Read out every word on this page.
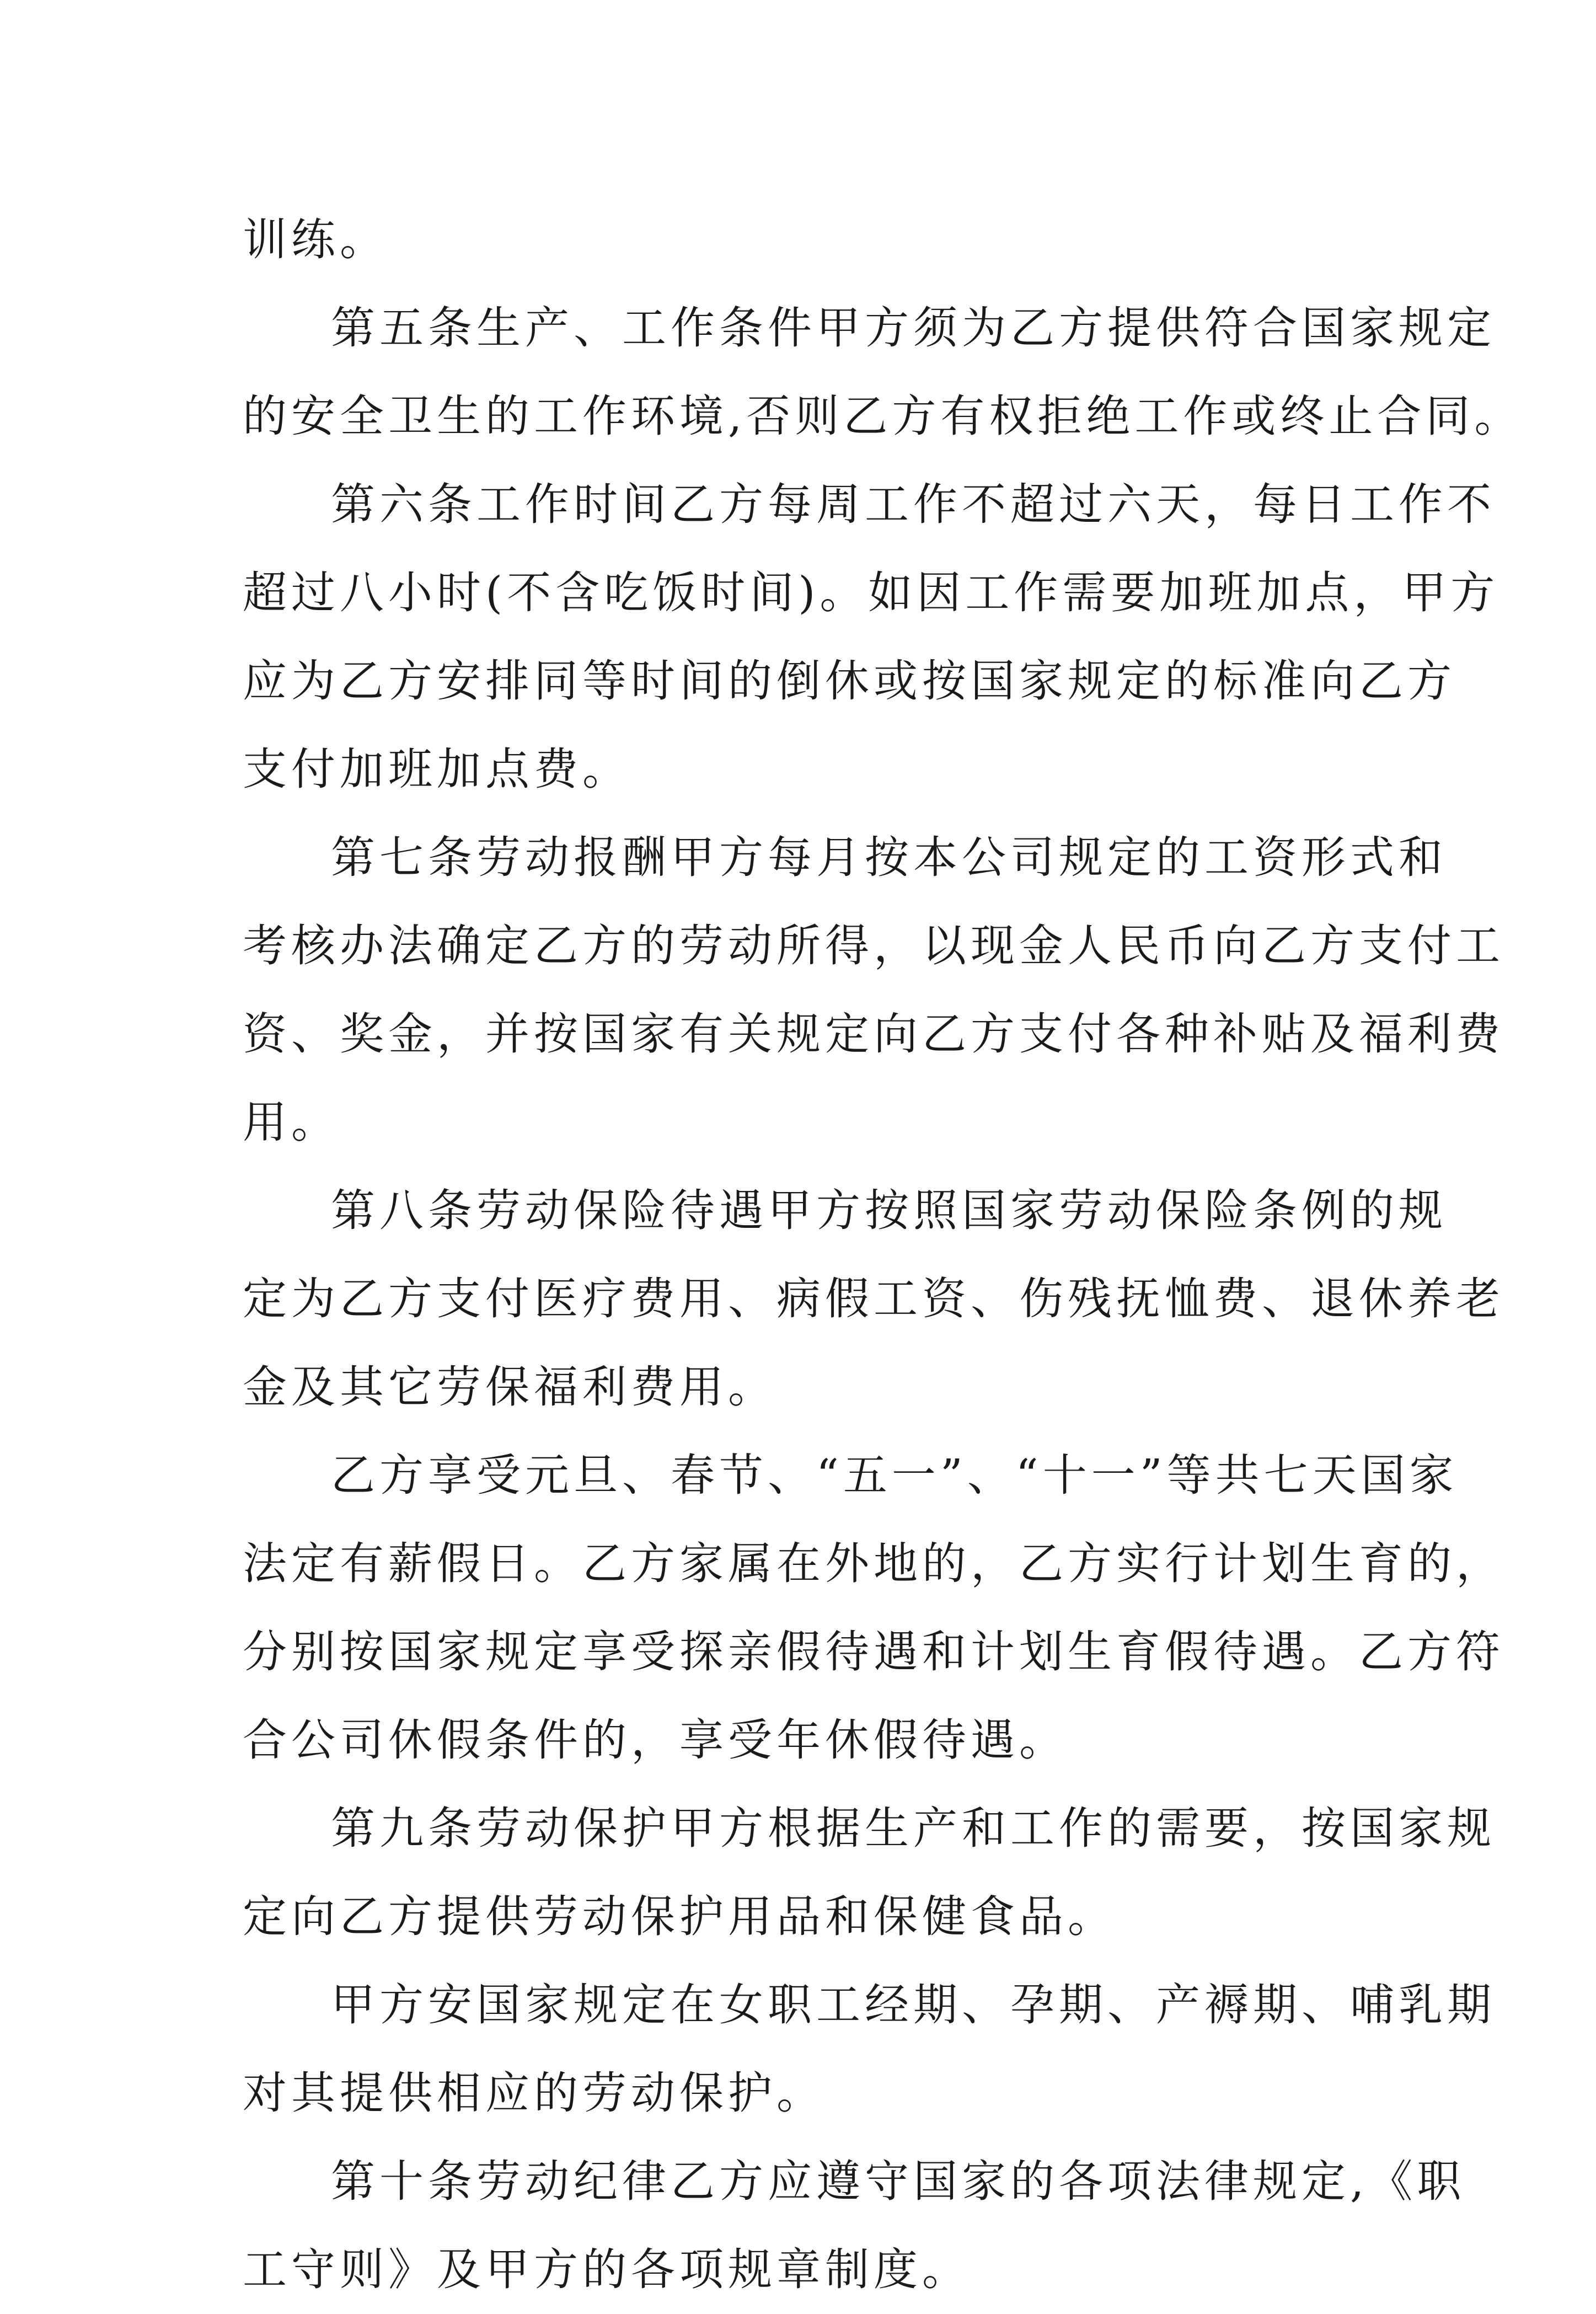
训练。

第五条生产、工作条件甲方须为乙方提供符合国家规定
的安全卫生的工作环境,否则乙方有权拒绝工作或终止合同。

第六条工作时间乙方每周工作不超过六天，每日工作不
超过八小时(不含吃饭时间)。如因工作需要加班加点，甲方
应为乙方安排同等时间的倒休或按国家规定的标准向乙方
支付加班加点费。

第七条劳动报酬甲方每月按本公司规定的工资形式和
考核办法确定乙方的劳动所得，以现金人民币向乙方支付工
资、奖金，并按国家有关规定向乙方支付各种补贴及福利费
用。

第八条劳动保险待遇甲方按照国家劳动保险条例的规
定为乙方支付医疗费用、病假工资、伤残抚恤费、退休养老
金及其它劳保福利费用。

乙方享受元旦、春节、“五一”、“十一”等共七天国家
法定有薪假日。乙方家属在外地的，乙方实行计划生育的，
分别按国家规定享受探亲假待遇和计划生育假待遇。乙方符
合公司休假条件的，享受年休假待遇。

第九条劳动保护甲方根据生产和工作的需要，按国家规
定向乙方提供劳动保护用品和保健食品。

甲方安国家规定在女职工经期、孕期、产褥期、哺乳期
对其提供相应的劳动保护。

第十条劳动纪律乙方应遵守国家的各项法律规定,《职
工守则》及甲方的各项规章制度。
